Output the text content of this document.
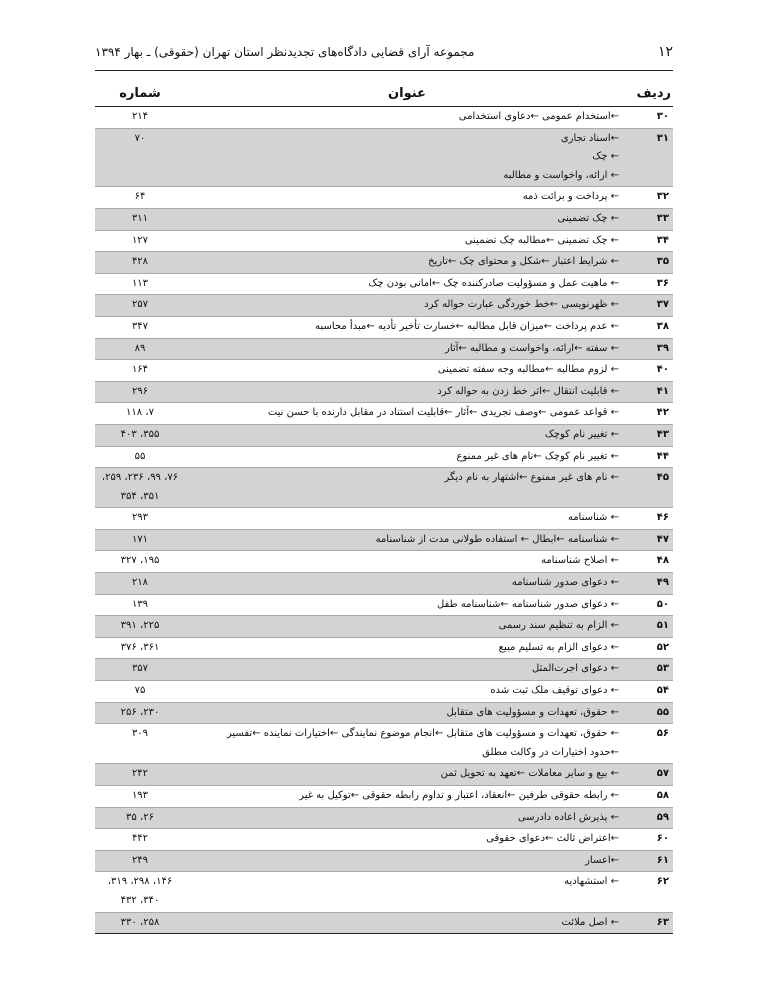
۱۲
مجموعه آرای قضایی دادگاه‌های تجدیدنظر استان تهران (حقوقی) ـ بهار ۱۳۹۴
ردیف	عنوان	شماره
۳۰	←استخدام عمومی ←دعاوی استخدامی	۲۱۴

۳۱	←اسناد تجاری
← چک
← ارائه، واخواست و مطالبه	۷۰

۳۲	← پرداخت و برائت ذمه	۶۴

۳۳	← چک تضمینی	۳۱۱

۳۴	← چک تضمینی ←مطالبه چک تضمینی	۱۲۷

۳۵	← شرایط اعتبار ←شکل و محتوای چک ←تاریخ	۴۲۸

۳۶	← ماهیت عمل و مسؤولیت صادرکننده چک ←امانی بودن چک	۱۱۳

۳۷	← ظهرنویسی ←خط خوردگی عبارت حواله کرد	۲۵۷

۳۸	← عدم پرداخت ←میزان قابل مطالبه ←خسارت تأخیر تأدیه ←مبدأ محاسبه	۳۴۷

۳۹	← سفته ←ارائه، واخواست و مطالبه ←آثار	۸۹

۴۰	← لزوم مطالبه ←مطالبه وجه سفته تضمینی	۱۶۴

۴۱	← قابلیت انتقال ←اثر خط زدن به حواله کرد	۲۹۶

۴۲	← قواعد عمومی ←وصف تجریدی ←آثار ←قابلیت استناد در مقابل دارنده با حسن نیت	۷، ۱۱۸

۴۳	← تغییر نام کوچک	۳۵۵، ۴۰۳

۴۴	← تغییر نام کوچک ←نام های غیر ممنوع	۵۵

۴۵	← نام های غیر ممنوع ←اشتهار به نام دیگر	۷۶، ۹۹، ۲۳۶، ۲۵۹،
۳۵۱، ۳۵۴

۴۶	← شناسنامه	۲۹۳

۴۷	← شناسنامه ←ابطال ← استفاده طولانی مدت از شناسنامه	۱۷۱

۴۸	← اصلاح شناسنامه	۱۹۵، ۳۲۷

۴۹	← دعوای صدور شناسنامه	۲۱۸

۵۰	← دعوای صدور شناسنامه ←شناسنامه طفل	۱۳۹

۵۱	← الزام به تنظیم سند رسمی	۲۲۵، ۳۹۱

۵۲	← دعوای الزام به تسلیم مبیع	۳۶۱، ۳۷۶

۵۳	← دعوای اجرت‌المثل	۳۵۷

۵۴	← دعوای توقیف ملک ثبت شده	۷۵

۵۵	← حقوق، تعهدات و مسؤولیت های متقابل	۲۳۰، ۲۵۶

۵۶	← حقوق، تعهدات و مسؤولیت های متقابل ←انجام موضوع نمایندگی ←اختیارات نماینده ←تفسیر
←حدود اختیارات در وکالت مطلق	۳۰۹

۵۷	← بیع و سایر معاملات ←تعهد به تحویل ثمن	۲۴۲

۵۸	← رابطه حقوقی طرفین ←انعقاد، اعتبار و تداوم رابطه حقوقی ←توکیل به غیر	۱۹۳

۵۹	← پذیرش اعاده دادرسی	۲۶، ۳۵

۶۰	←اعتراض ثالث ←دعوای حقوقی	۴۴۲

۶۱	←اعسار	۲۴۹

۶۲	← استشهادیه	۱۴۶، ۲۹۸، ۳۱۹،
۳۴۰، ۴۳۲

۶۳	← اصل ملائت	۲۵۸، ۳۳۰
